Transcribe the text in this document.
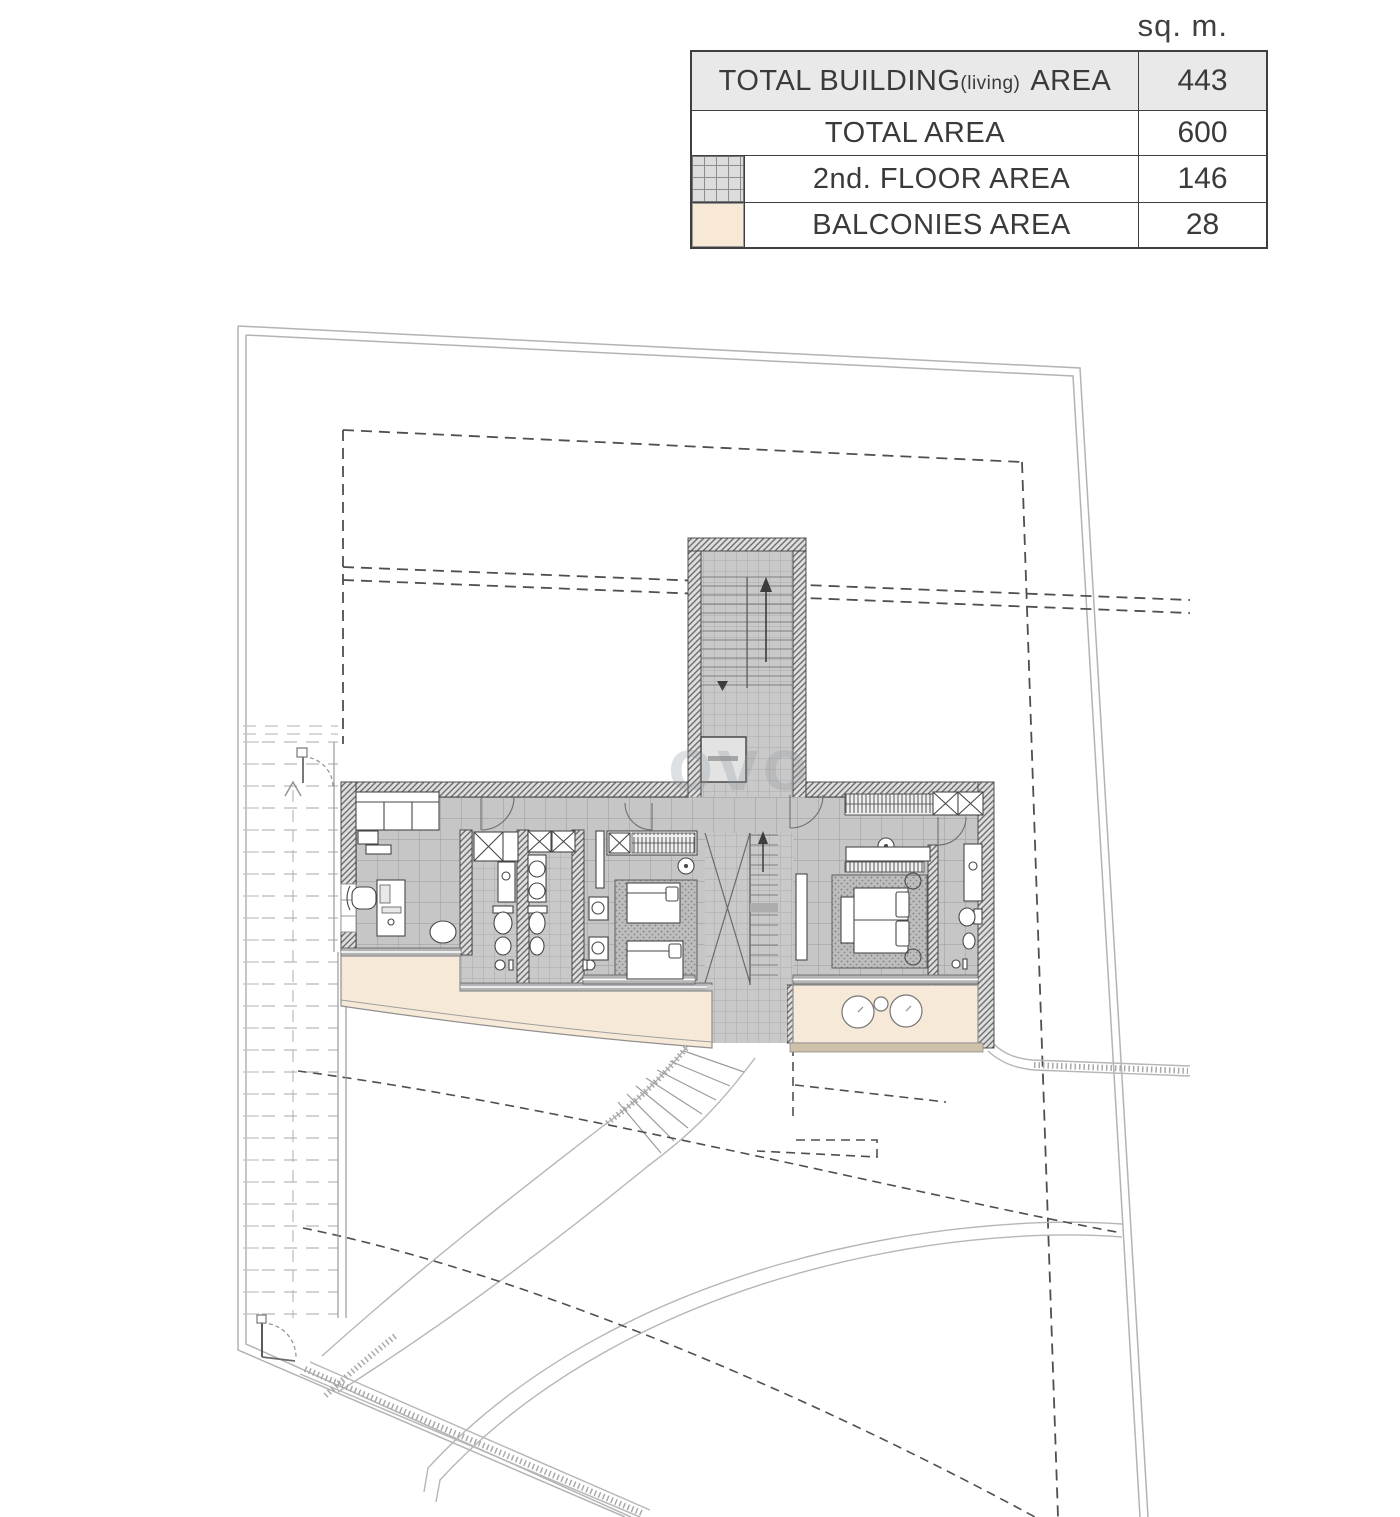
ovo
sq. m.
TOTAL BUILDING (living) AREA	443
TOTAL AREA	600
2nd. FLOOR AREA	146
BALCONIES AREA	28
